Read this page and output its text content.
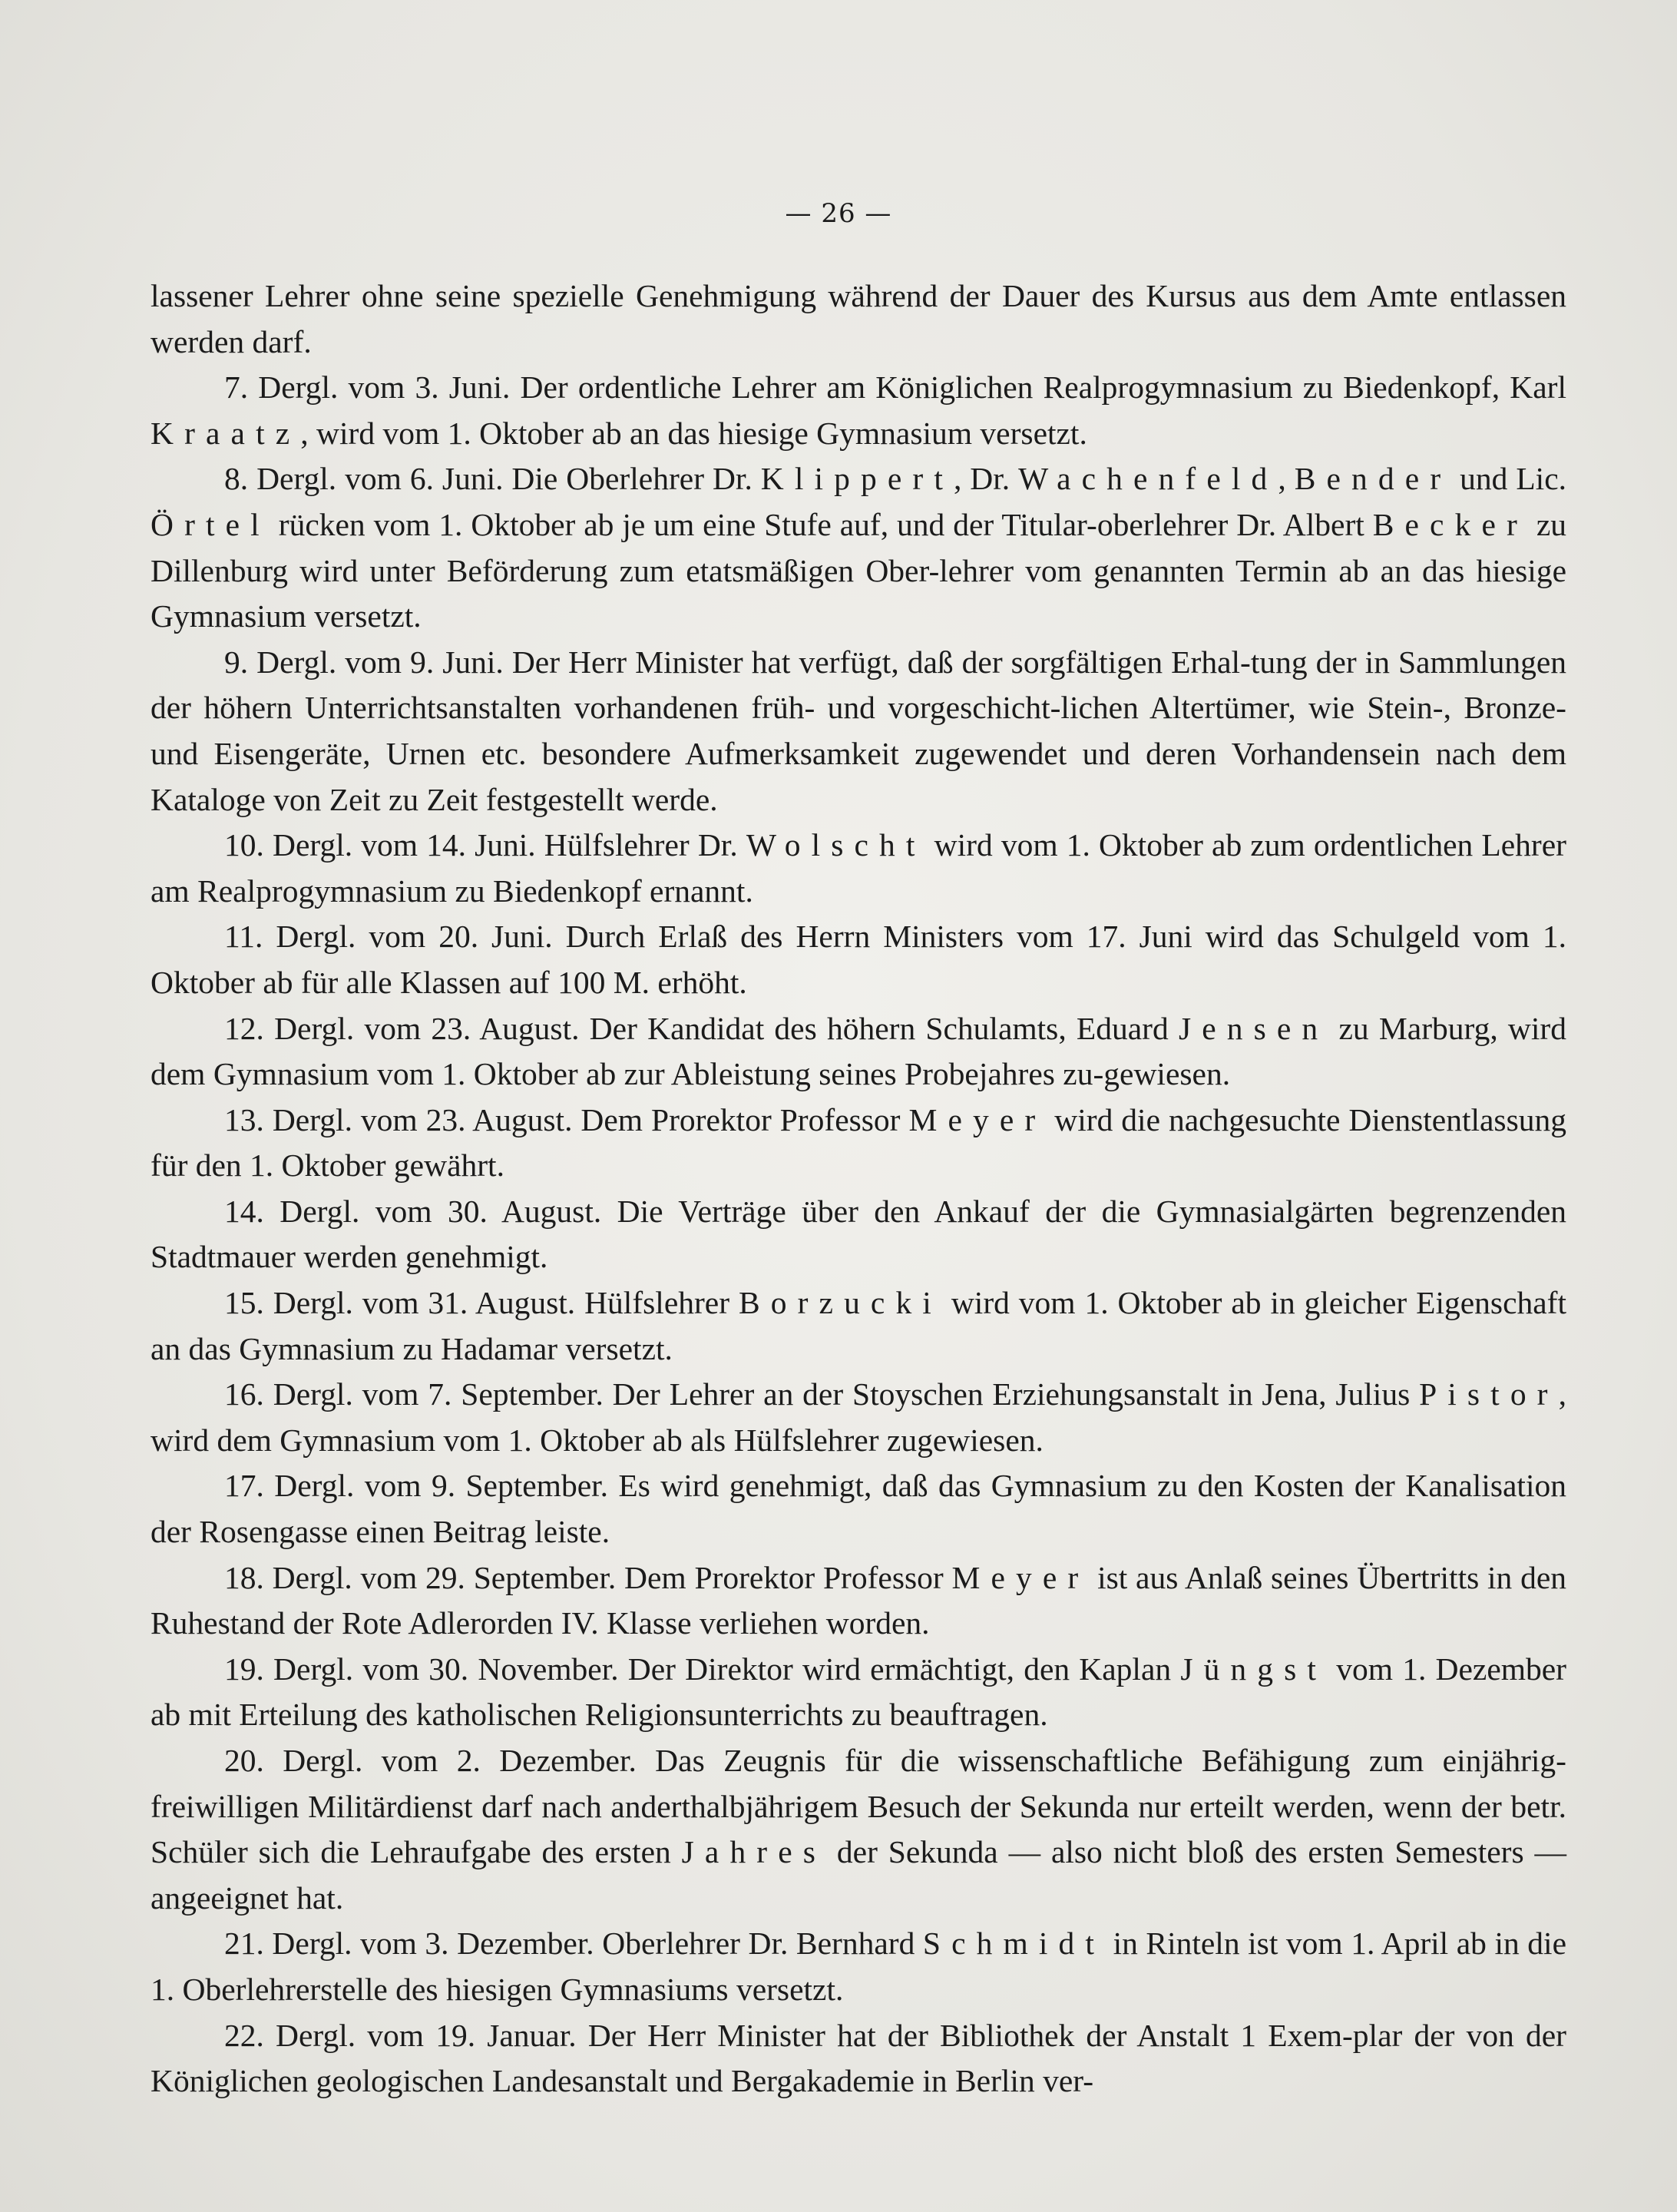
— 26 —

lassener Lehrer ohne seine spezielle Genehmigung während der Dauer des Kursus aus dem Amte entlassen werden darf.

7. Dergl. vom 3. Juni. Der ordentliche Lehrer am Königlichen Realprogymnasium zu Biedenkopf, Karl Kraatz, wird vom 1. Oktober ab an das hiesige Gymnasium versetzt.

8. Dergl. vom 6. Juni. Die Oberlehrer Dr. Klippert, Dr. Wachenfeld, Bender und Lic. Örtel rücken vom 1. Oktober ab je um eine Stufe auf, und der Titular-oberlehrer Dr. Albert Becker zu Dillenburg wird unter Beförderung zum etatsmäßigen Ober-lehrer vom genannten Termin ab an das hiesige Gymnasium versetzt.

9. Dergl. vom 9. Juni. Der Herr Minister hat verfügt, daß der sorgfältigen Erhal-tung der in Sammlungen der höhern Unterrichtsanstalten vorhandenen früh- und vorgeschicht-lichen Altertümer, wie Stein-, Bronze- und Eisengeräte, Urnen etc. besondere Aufmerksamkeit zugewendet und deren Vorhandensein nach dem Kataloge von Zeit zu Zeit festgestellt werde.

10. Dergl. vom 14. Juni. Hülfslehrer Dr. Wolscht wird vom 1. Oktober ab zum ordentlichen Lehrer am Realprogymnasium zu Biedenkopf ernannt.

11. Dergl. vom 20. Juni. Durch Erlaß des Herrn Ministers vom 17. Juni wird das Schulgeld vom 1. Oktober ab für alle Klassen auf 100 M. erhöht.

12. Dergl. vom 23. August. Der Kandidat des höhern Schulamts, Eduard Jensen zu Marburg, wird dem Gymnasium vom 1. Oktober ab zur Ableistung seines Probejahres zu-gewiesen.

13. Dergl. vom 23. August. Dem Prorektor Professor Meyer wird die nachgesuchte Dienstentlassung für den 1. Oktober gewährt.

14. Dergl. vom 30. August. Die Verträge über den Ankauf der die Gymnasialgärten begrenzenden Stadtmauer werden genehmigt.

15. Dergl. vom 31. August. Hülfslehrer Borzucki wird vom 1. Oktober ab in gleicher Eigenschaft an das Gymnasium zu Hadamar versetzt.

16. Dergl. vom 7. September. Der Lehrer an der Stoyschen Erziehungsanstalt in Jena, Julius Pistor, wird dem Gymnasium vom 1. Oktober ab als Hülfslehrer zugewiesen.

17. Dergl. vom 9. September. Es wird genehmigt, daß das Gymnasium zu den Kosten der Kanalisation der Rosengasse einen Beitrag leiste.

18. Dergl. vom 29. September. Dem Prorektor Professor Meyer ist aus Anlaß seines Übertritts in den Ruhestand der Rote Adlerorden IV. Klasse verliehen worden.

19. Dergl. vom 30. November. Der Direktor wird ermächtigt, den Kaplan Jüngst vom 1. Dezember ab mit Erteilung des katholischen Religionsunterrichts zu beauftragen.

20. Dergl. vom 2. Dezember. Das Zeugnis für die wissenschaftliche Befähigung zum einjährig-freiwilligen Militärdienst darf nach anderthalbjährigem Besuch der Sekunda nur erteilt werden, wenn der betr. Schüler sich die Lehraufgabe des ersten Jahres der Sekunda — also nicht bloß des ersten Semesters — angeeignet hat.

21. Dergl. vom 3. Dezember. Oberlehrer Dr. Bernhard Schmidt in Rinteln ist vom 1. April ab in die 1. Oberlehrerstelle des hiesigen Gymnasiums versetzt.

22. Dergl. vom 19. Januar. Der Herr Minister hat der Bibliothek der Anstalt 1 Exem-plar der von der Königlichen geologischen Landesanstalt und Bergakademie in Berlin ver-
